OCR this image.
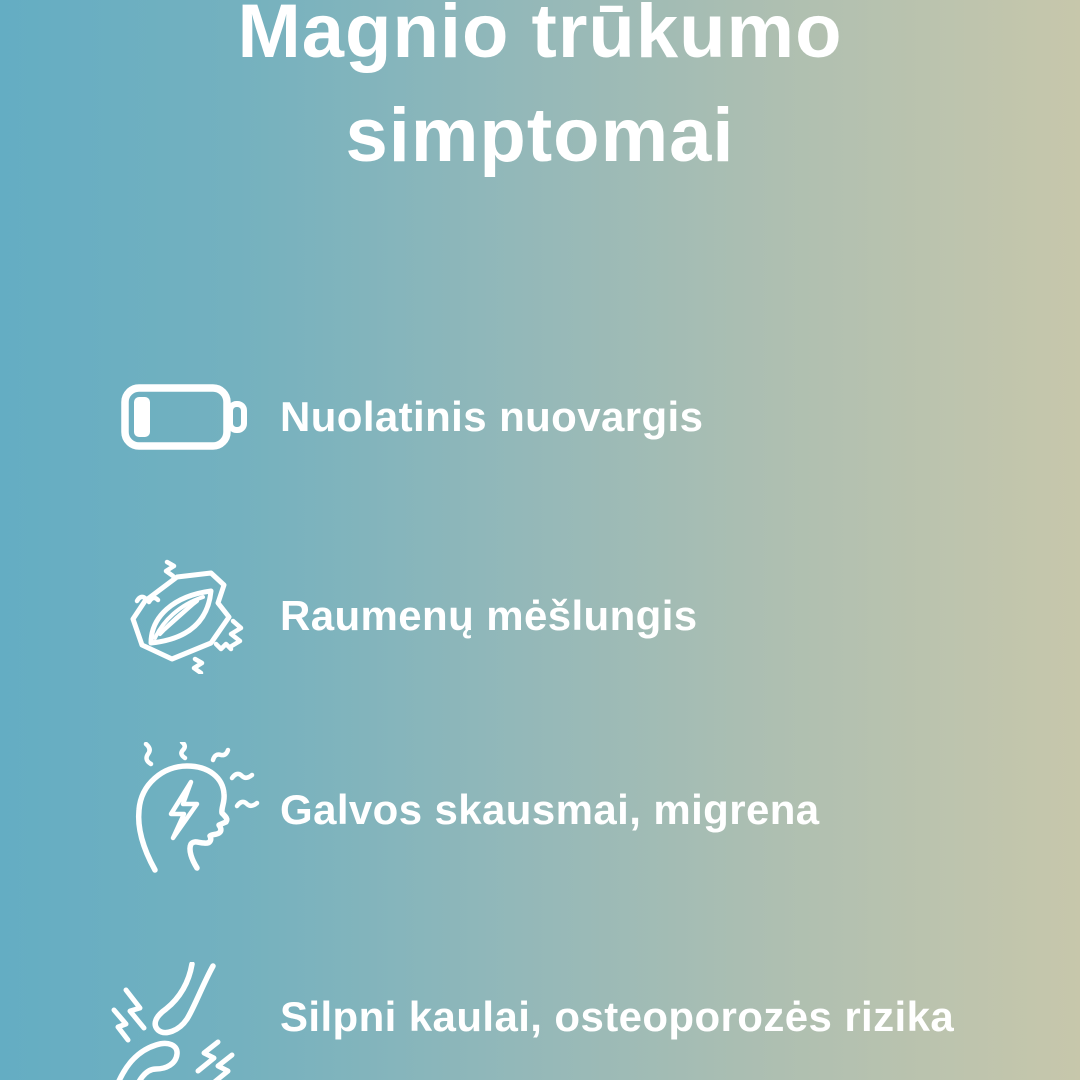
Magnio trūkumo
simptomai
Nuolatinis nuovargis
Raumenų mėšlungis
Galvos skausmai, migrena
Silpni kaulai, osteoporozės rizika
